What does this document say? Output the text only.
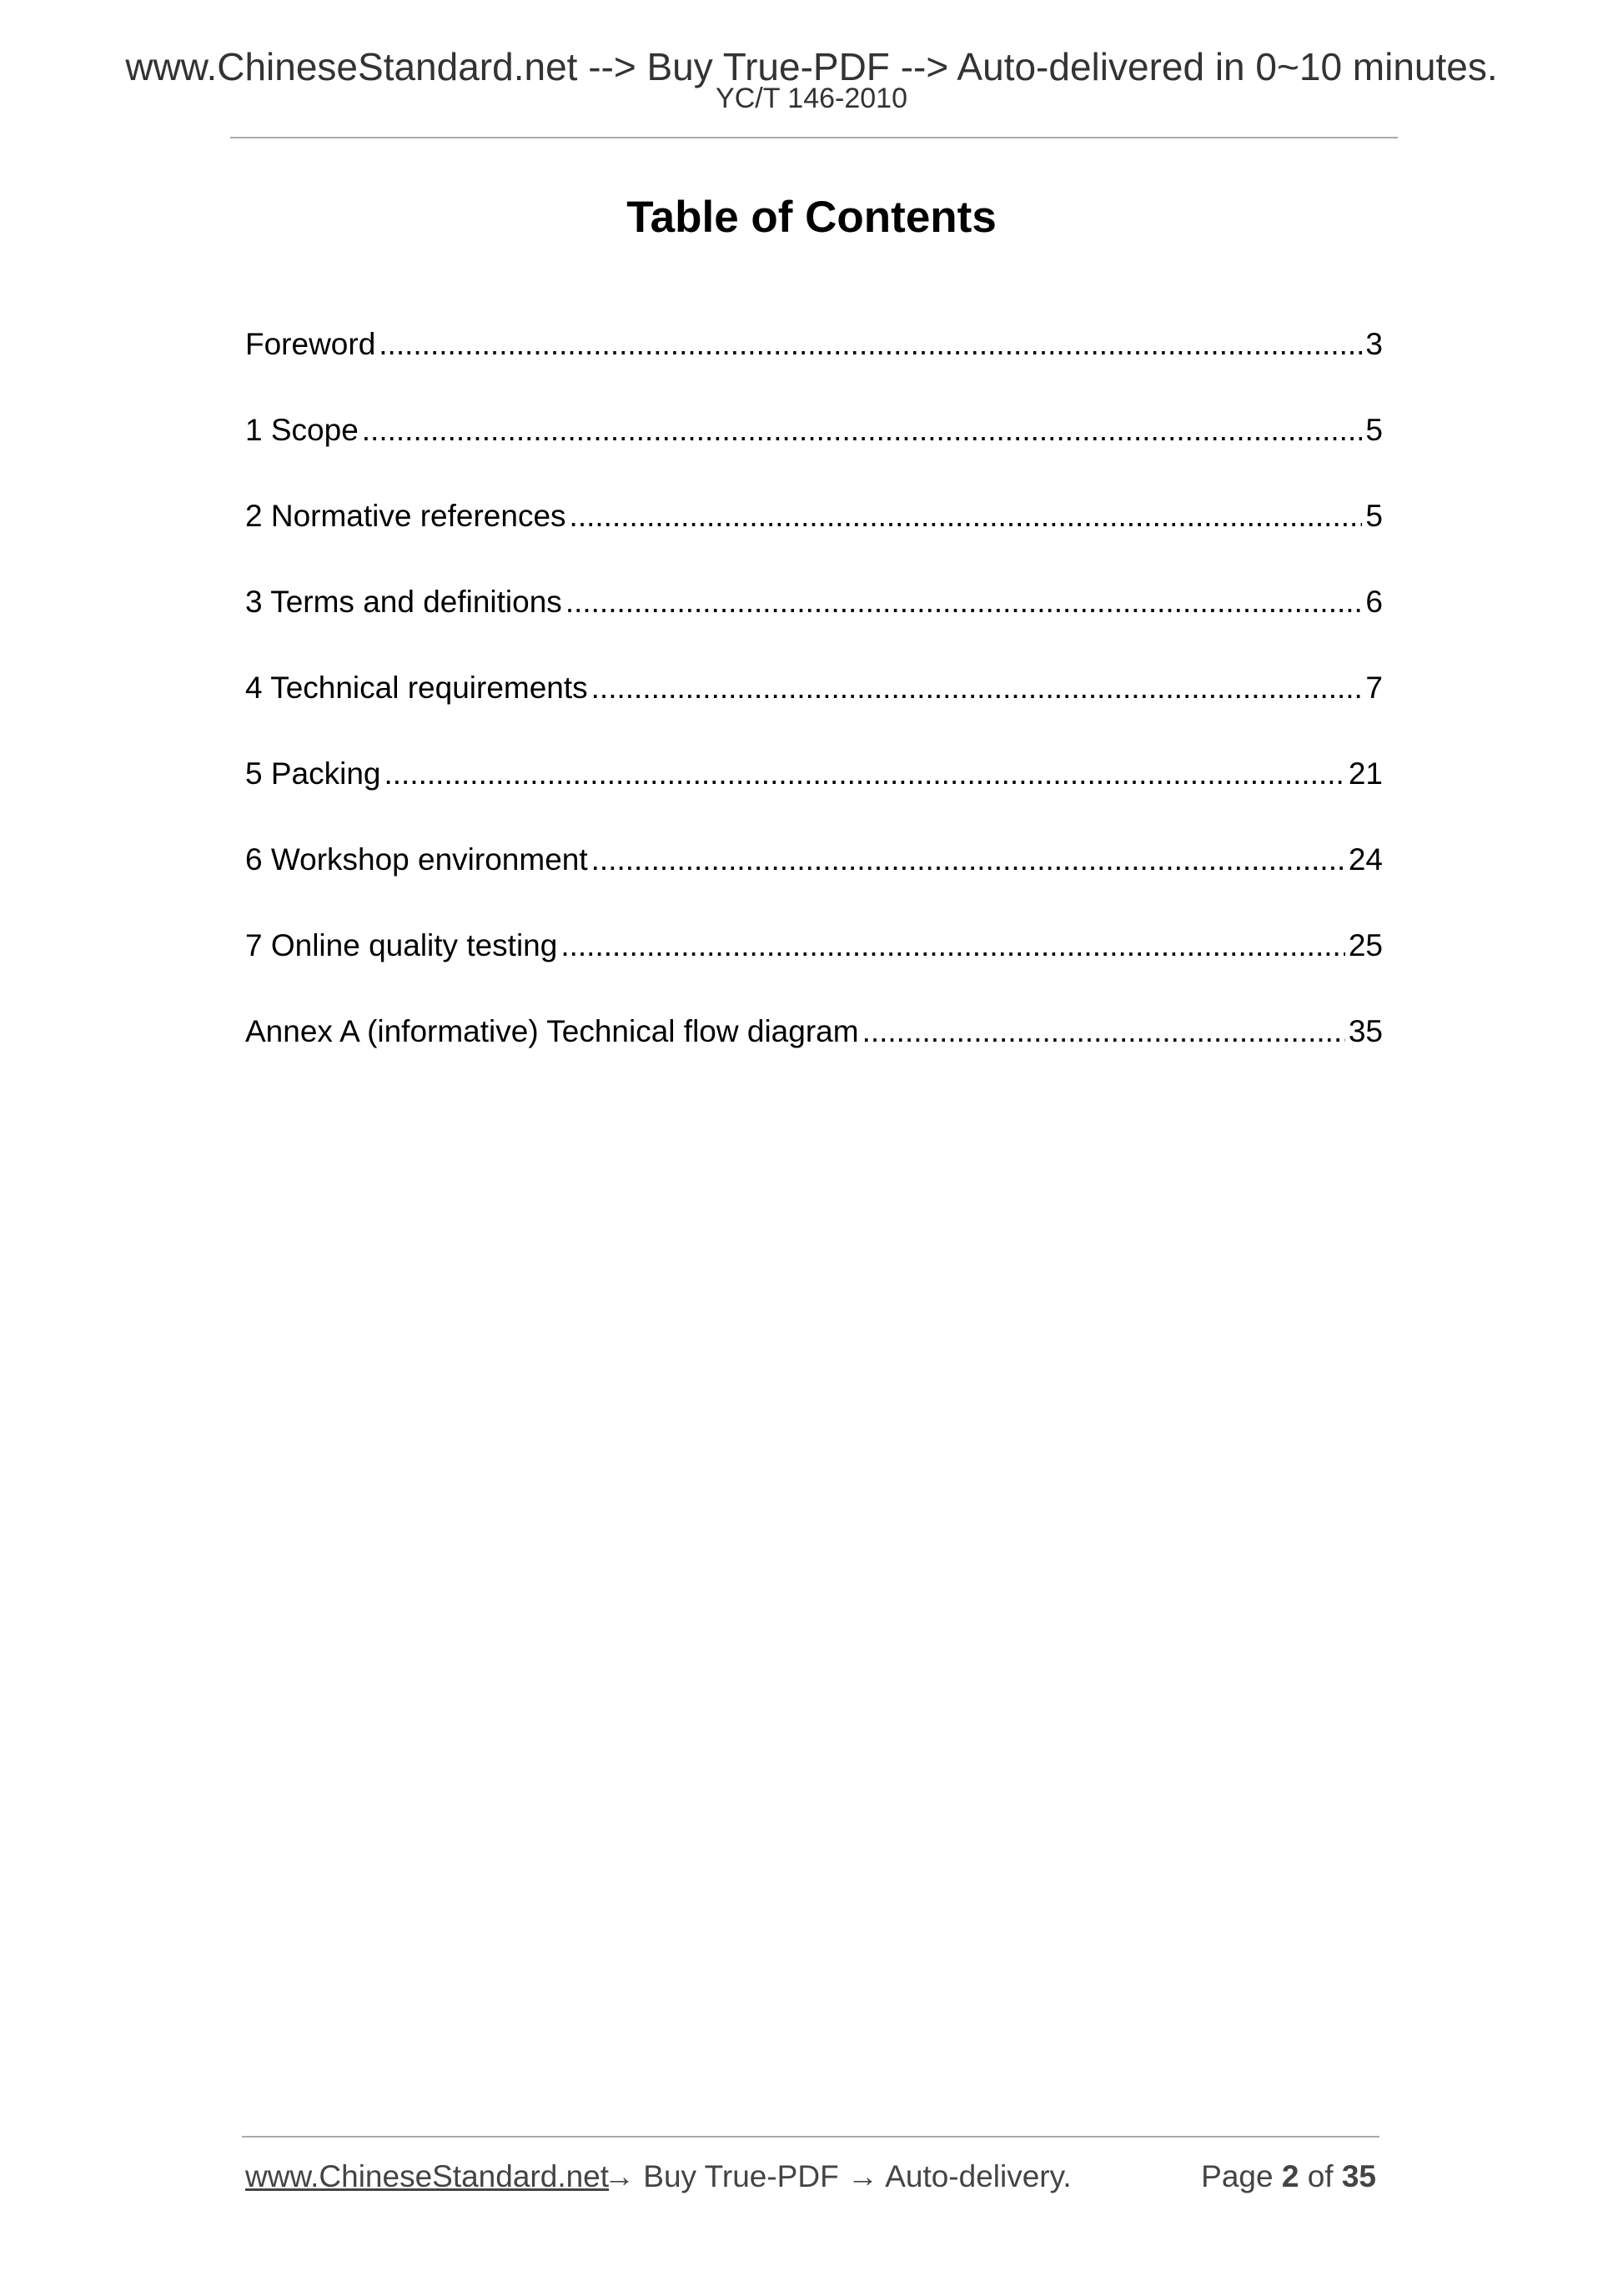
www.ChineseStandard.net --> Buy True-PDF --> Auto-delivered in 0~10 minutes.
YC/T 146-2010
Table of Contents
Foreword .....	3
1 Scope .....	5
2 Normative references .....	5
3 Terms and definitions .....	6
4 Technical requirements .....	7
5 Packing .....	21
6 Workshop environment .....	24
7 Online quality testing .....	25
Annex A (informative) Technical flow diagram .....	35
www.ChineseStandard.net
→ Buy True-PDF → Auto-delivery.	Page 2 of 35
